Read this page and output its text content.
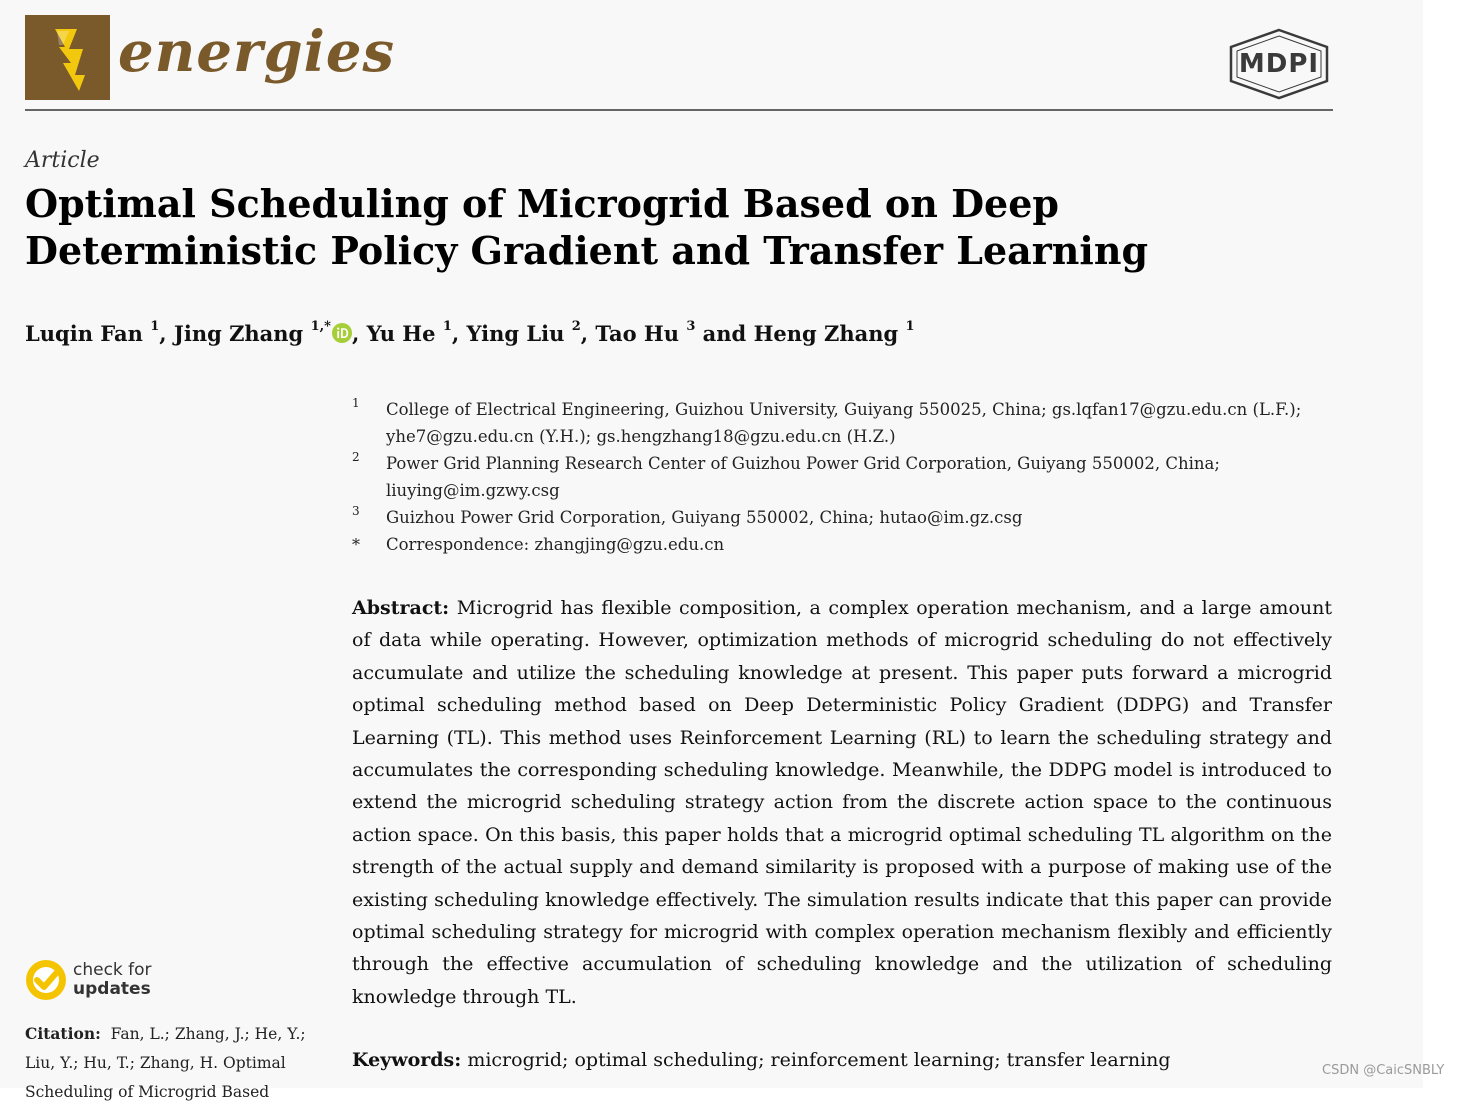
energies	MDPI
Article
Optimal Scheduling of Microgrid Based on Deep Deterministic Policy Gradient and Transfer Learning
Luqin Fan $^1$, Jing Zhang $^{1,*}$ , Yu He $^1$, Ying Liu $^2$, Tao Hu $^3$ and Heng Zhang $^1$
1 College of Electrical Engineering, Guizhou University, Guiyang 550025, China; gs.lqfan17@gzu.edu.cn (L.F.); yhe7@gzu.edu.cn (Y.H.); gs.hengzhang18@gzu.edu.cn (H.Z.)
2 Power Grid Planning Research Center of Guizhou Power Grid Corporation, Guiyang 550002, China; liuying@im.gzwy.csg
3 Guizhou Power Grid Corporation, Guiyang 550002, China; hutao@im.gz.csg
* Correspondence: zhangjing@gzu.edu.cn

Abstract: Microgrid has flexible composition, a complex operation mechanism, and a large amount of data while operating. However, optimization methods of microgrid scheduling do not effectively accumulate and utilize the scheduling knowledge at present. This paper puts forward a microgrid optimal scheduling method based on Deep Deterministic Policy Gradient (DDPG) and Transfer Learning (TL). This method uses Reinforcement Learning (RL) to learn the scheduling strategy and accumulates the corresponding scheduling knowledge. Meanwhile, the DDPG model is introduced to extend the microgrid scheduling strategy action from the discrete action space to the continuous action space. On this basis, this paper holds that a microgrid optimal scheduling TL algorithm on the strength of the actual supply and demand similarity is proposed with a purpose of making use of the existing scheduling knowledge effectively. The simulation results indicate that this paper can provide optimal scheduling strategy for microgrid with complex operation mechanism flexibly and efficiently through the effective accumulation of scheduling knowledge and the utilization of scheduling knowledge through TL.

Keywords: microgrid; optimal scheduling; reinforcement learning; transfer learning
check for
updates
Citation: Fan, L.; Zhang, J.; He, Y.; Liu, Y.; Hu, T.; Zhang, H. Optimal Scheduling of Microgrid Based
CSDN @CaicSNBLY
